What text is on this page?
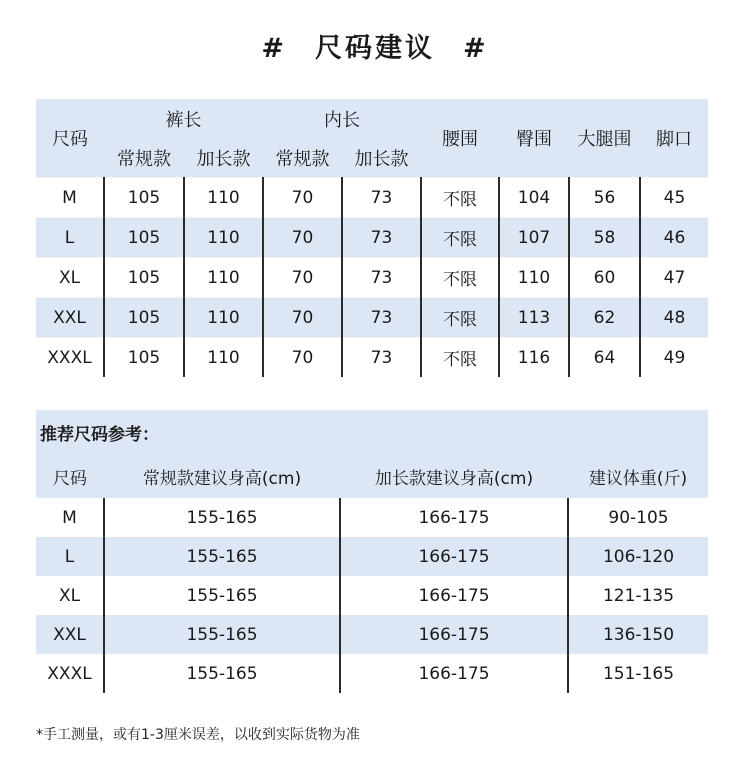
# 尺码建议 #
尺码	裤长		内长		腰围	臀围	大腿围	脚口
	常规款	加长款	常规款	加长款				
M	105	110	70	73	不限	104	56	45
L	105	110	70	73	不限	107	58	46
XL	105	110	70	73	不限	110	60	47
XXL	105	110	70	73	不限	113	62	48
XXXL	105	110	70	73	不限	116	64	49
推荐尺码参考：			
尺码	常规款建议身高(cm)	加长款建议身高(cm)	建议体重(斤)
M	155-165	166-175	90-105
L	155-165	166-175	106-120
XL	155-165	166-175	121-135
XXL	155-165	166-175	136-150
XXXL	155-165	166-175	151-165
*手工测量，或有1-3厘米误差，以收到实际货物为准
